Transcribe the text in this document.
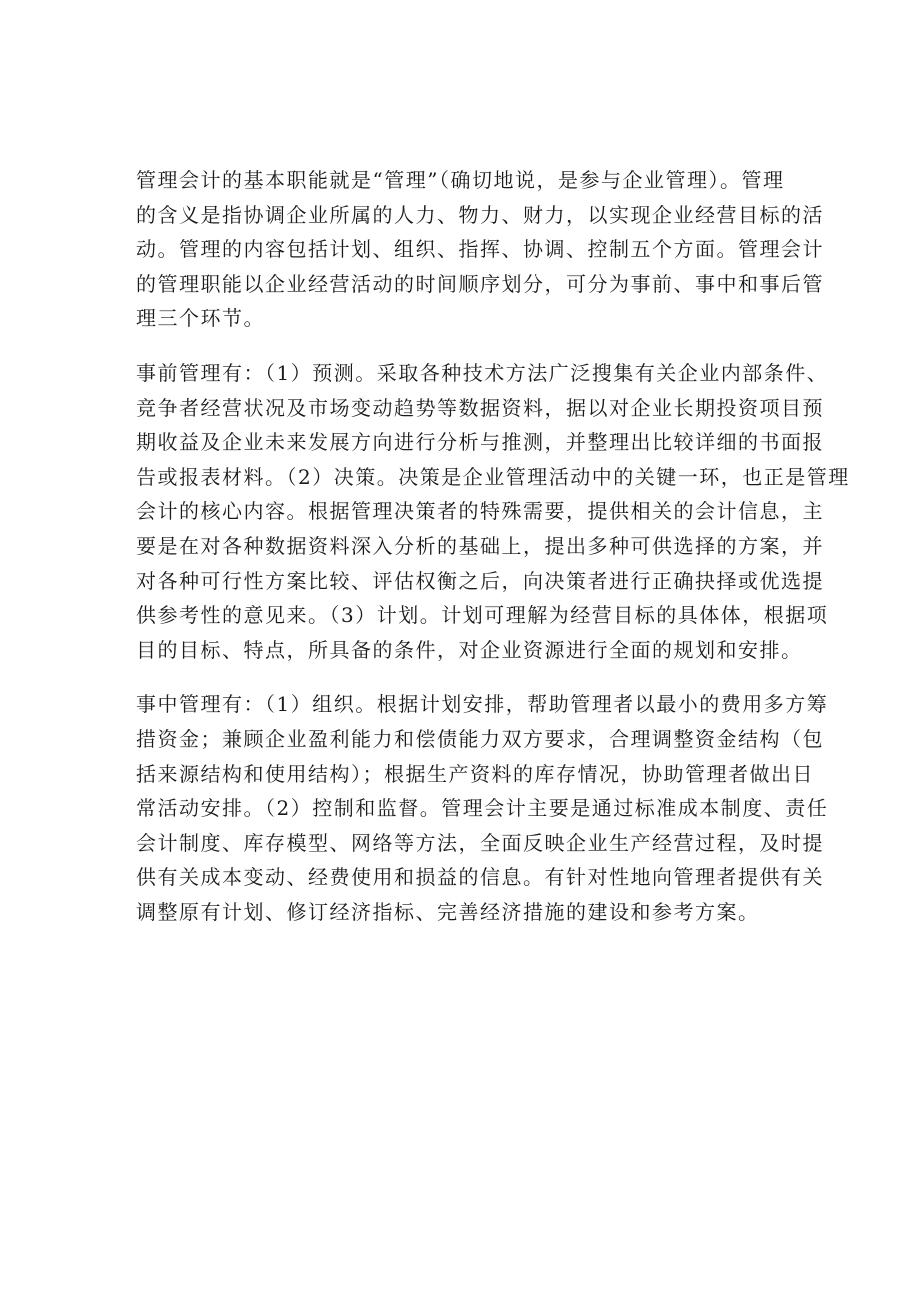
管理会计的基本职能就是“管理”（确切地说，是参与企业管理）。管理
的含义是指协调企业所属的人力、物力、财力，以实现企业经营目标的活
动。管理的内容包括计划、组织、指挥、协调、控制五个方面。管理会计
的管理职能以企业经营活动的时间顺序划分，可分为事前、事中和事后管
理三个环节。

事前管理有：（1）预测。采取各种技术方法广泛搜集有关企业内部条件、
竞争者经营状况及市场变动趋势等数据资料，据以对企业长期投资项目预
期收益及企业未来发展方向进行分析与推测，并整理出比较详细的书面报
告或报表材料。（2）决策。决策是企业管理活动中的关键一环，也正是管理
会计的核心内容。根据管理决策者的特殊需要，提供相关的会计信息，主
要是在对各种数据资料深入分析的基础上，提出多种可供选择的方案，并
对各种可行性方案比较、评估权衡之后，向决策者进行正确抉择或优选提
供参考性的意见来。（3）计划。计划可理解为经营目标的具体体，根据项
目的目标、特点，所具备的条件，对企业资源进行全面的规划和安排。

事中管理有：（1）组织。根据计划安排，帮助管理者以最小的费用多方筹
措资金；兼顾企业盈利能力和偿债能力双方要求，合理调整资金结构（包
括来源结构和使用结构）；根据生产资料的库存情况，协助管理者做出日
常活动安排。（2）控制和监督。管理会计主要是通过标准成本制度、责任
会计制度、库存模型、网络等方法，全面反映企业生产经营过程，及时提
供有关成本变动、经费使用和损益的信息。有针对性地向管理者提供有关
调整原有计划、修订经济指标、完善经济措施的建设和参考方案。
